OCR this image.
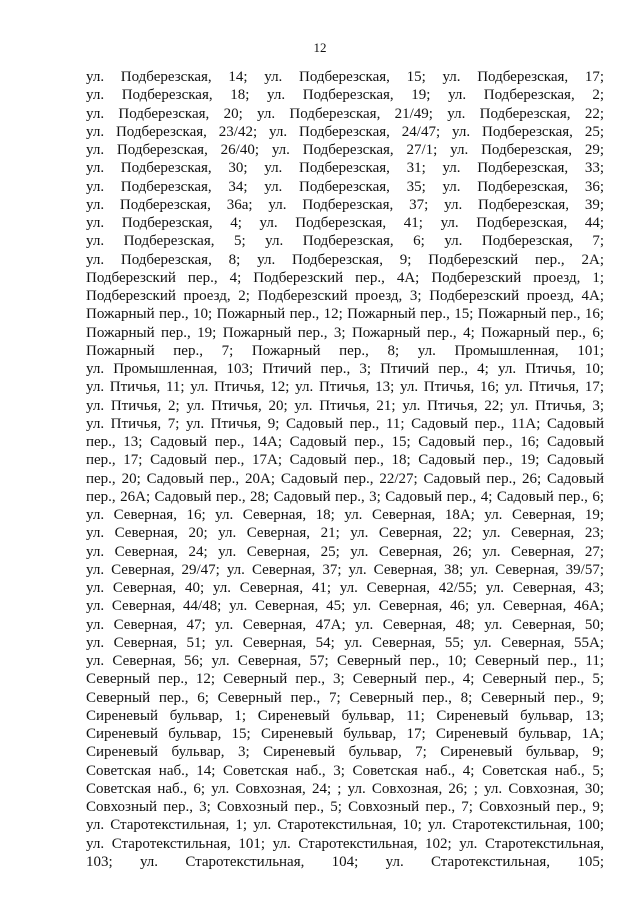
12
ул. Подберезская, 14; ул. Подберезская, 15; ул. Подберезская, 17;
ул. Подберезская, 18; ул. Подберезская, 19; ул. Подберезская, 2;
ул. Подберезская, 20; ул. Подберезская, 21/49; ул. Подберезская, 22;
ул. Подберезская, 23/42; ул. Подберезская, 24/47; ул. Подберезская, 25;
ул. Подберезская, 26/40; ул. Подберезская, 27/1; ул. Подберезская, 29;
ул. Подберезская, 30; ул. Подберезская, 31; ул. Подберезская, 33;
ул. Подберезская, 34; ул. Подберезская, 35; ул. Подберезская, 36;
ул. Подберезская, 36а; ул. Подберезская, 37; ул. Подберезская, 39;
ул. Подберезская, 4; ул. Подберезская, 41; ул. Подберезская, 44;
ул. Подберезская, 5; ул. Подберезская, 6; ул. Подберезская, 7;
ул. Подберезская, 8; ул. Подберезская, 9; Подберезский пер., 2А;
Подберезский пер., 4; Подберезский пер., 4А; Подберезский проезд, 1;
Подберезский проезд, 2; Подберезский проезд, 3; Подберезский проезд, 4А;
Пожарный пер., 10; Пожарный пер., 12; Пожарный пер., 15; Пожарный пер., 16;
Пожарный пер., 19; Пожарный пер., 3; Пожарный пер., 4; Пожарный пер., 6;
Пожарный пер., 7; Пожарный пер., 8; ул. Промышленная, 101;
ул. Промышленная, 103; Птичий пер., 3; Птичий пер., 4; ул. Птичья, 10;
ул. Птичья, 11; ул. Птичья, 12; ул. Птичья, 13; ул. Птичья, 16; ул. Птичья, 17;
ул. Птичья, 2; ул. Птичья, 20; ул. Птичья, 21; ул. Птичья, 22; ул. Птичья, 3;
ул. Птичья, 7; ул. Птичья, 9; Садовый пер., 11; Садовый пер., 11А; Садовый
пер., 13; Садовый пер., 14А; Садовый пер., 15; Садовый пер., 16; Садовый
пер., 17; Садовый пер., 17А; Садовый пер., 18; Садовый пер., 19; Садовый
пер., 20; Садовый пер., 20А; Садовый пер., 22/27; Садовый пер., 26; Садовый
пер., 26А; Садовый пер., 28; Садовый пер., 3; Садовый пер., 4; Садовый пер., 6;
ул. Северная, 16; ул. Северная, 18; ул. Северная, 18А; ул. Северная, 19;
ул. Северная, 20; ул. Северная, 21; ул. Северная, 22; ул. Северная, 23;
ул. Северная, 24; ул. Северная, 25; ул. Северная, 26; ул. Северная, 27;
ул. Северная, 29/47; ул. Северная, 37; ул. Северная, 38; ул. Северная, 39/57;
ул. Северная, 40; ул. Северная, 41; ул. Северная, 42/55; ул. Северная, 43;
ул. Северная, 44/48; ул. Северная, 45; ул. Северная, 46; ул. Северная, 46А;
ул. Северная, 47; ул. Северная, 47А; ул. Северная, 48; ул. Северная, 50;
ул. Северная, 51; ул. Северная, 54; ул. Северная, 55; ул. Северная, 55А;
ул. Северная, 56; ул. Северная, 57; Северный пер., 10; Северный пер., 11;
Северный пер., 12; Северный пер., 3; Северный пер., 4; Северный пер., 5;
Северный пер., 6; Северный пер., 7; Северный пер., 8; Северный пер., 9;
Сиреневый бульвар, 1; Сиреневый бульвар, 11; Сиреневый бульвар, 13;
Сиреневый бульвар, 15; Сиреневый бульвар, 17; Сиреневый бульвар, 1А;
Сиреневый бульвар, 3; Сиреневый бульвар, 7; Сиреневый бульвар, 9;
Советская наб., 14; Советская наб., 3; Советская наб., 4; Советская наб., 5;
Советская наб., 6; ул. Совхозная, 24; ; ул. Совхозная, 26; ; ул. Совхозная, 30;
Совхозный пер., 3; Совхозный пер., 5; Совхозный пер., 7; Совхозный пер., 9;
ул. Старотекстильная, 1; ул. Старотекстильная, 10; ул. Старотекстильная, 100;
ул. Старотекстильная, 101; ул. Старотекстильная, 102; ул. Старотекстильная,
103; ул. Старотекстильная, 104; ул. Старотекстильная, 105;
